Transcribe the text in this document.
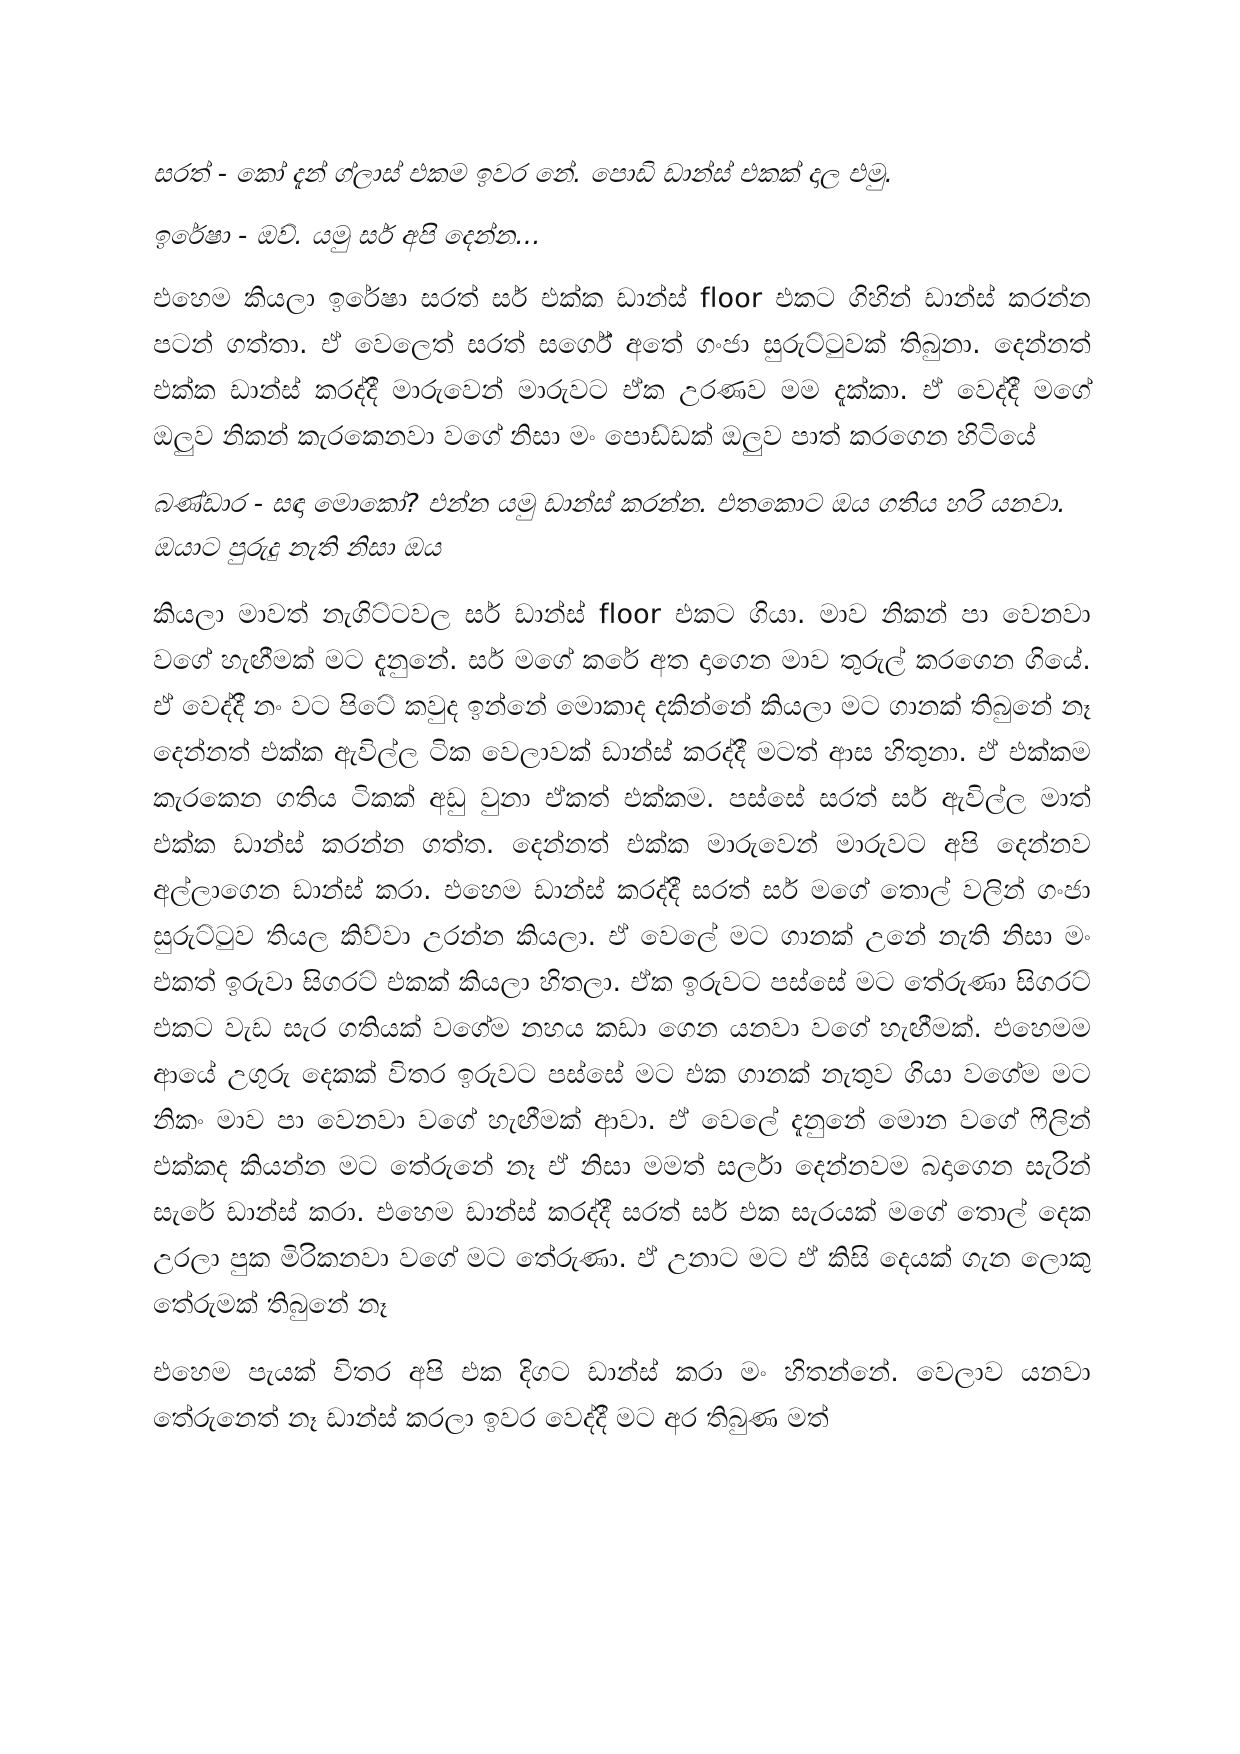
සරත් - කෝ දැන් ග්ලාස් එකම ඉවර නේ. පොඩි ඩාන්ස් එකක් දාල එමු.

ඉරේෂා - ඔව්. යමු සර් අපි දෙන්න...

එහෙම කියලා ඉරේෂා සරත් සර් එක්ක ඩාන්ස් floor එකට ගිහින් ඩාන්ස් කරන්න පටන් ගත්තා. ඒ වෙලෙත් සරත් සර්ගේ අතේ ගංජා සුරුට්ටුවක් තිබුනා. දෙන්නත් එක්ක ඩාන්ස් කරද්දී මාරුවෙන් මාරුවට ඒක උරණව මම දැක්කා. ඒ වෙද්දී මගේ ඔලුව නිකන් කැරකෙනවා වගේ නිසා මං පොඩ්ඩක් ඔලුව පාත් කරගෙන හිටියේ

බණ්ඩාර - සඳා මොකෝ? එන්න යමු ඩාන්ස් කරන්න. එතකොට ඔය ගතිය හරි යනවා. ඔයාට පුරුදු නැති නිසා ඔය

කියලා මාවත් නැගිට්ටවල සර් ඩාන්ස් floor එකට ගියා. මාව නිකන් පා වෙනවා වගේ හැඟීමක් මට දැනුනේ. සර් මගේ කරේ අත දාගෙන මාව තුරුල් කරගෙන ගියේ. ඒ වෙද්දී නං වට පිටේ කවුද ඉන්නේ මොකාද දකින්නේ කියලා මට ගානක් තිබුනේ නෑ දෙන්නත් එක්ක ඇවිල්ල ටික වෙලාවක් ඩාන්ස් කරද්දී මටත් ආස හිතුනා. ඒ එක්කම කැරකෙන ගතිය ටිකක් අඩු වුනා ඒකත් එක්කම. පස්සේ සරත් සර් ඇවිල්ල මාත් එක්ක ඩාන්ස් කරන්න ගත්ත. දෙන්නත් එක්ක මාරුවෙන් මාරුවට අපි දෙන්නව අල්ලාගෙන ඩාන්ස් කරා. එහෙම ඩාන්ස් කරද්දී සරත් සර් මගේ තොල් වලින් ගංජා සුරුට්ටුව තියල කිව්වා උරන්න කියලා. ඒ වෙලේ මට ගානක් උනේ නැති නිසා මං එකත් ඉරුවා සිගරට් එකක් කියලා හිතලා. ඒක ඉරුවට පස්සේ මට තේරුණා සිගරට් එකට වැඩ සැර ගතියක් වගේම නහය කඩා ගෙන යනවා වගේ හැඟීමක්. එහෙමම ආයේ උගුරු දෙකක් විතර ඉරුවට පස්සේ මට එක ගානක් නැතුව ගියා වගේම මට නිකං මාව පා වෙනවා වගේ හැඟීමක් ආවා. ඒ වෙලේ දැනුනේ මොන වගේ ෆීලින් එක්කද කියන්න මට තේරුනේ නෑ ඒ නිසා මමත් සර්ලා දෙන්නවම බදාගෙන සැරින් සැරේ ඩාන්ස් කරා. එහෙම ඩාන්ස් කරද්දී සරත් සර් එක සැරයක් මගේ තොල් දෙක උරලා පුක මිරිකනවා වගේ මට තේරුණා. ඒ උනාට මට ඒ කිසි දෙයක් ගැන ලොකු තේරුමක් තිබුනේ නෑ

එහෙම පැයක් විතර අපි එක දිගට ඩාන්ස් කරා මං හිතන්නේ. වෙලාව යනවා තේරුනෙත් නෑ ඩාන්ස් කරලා ඉවර වෙද්දී මට අර තිබුණ මත්
